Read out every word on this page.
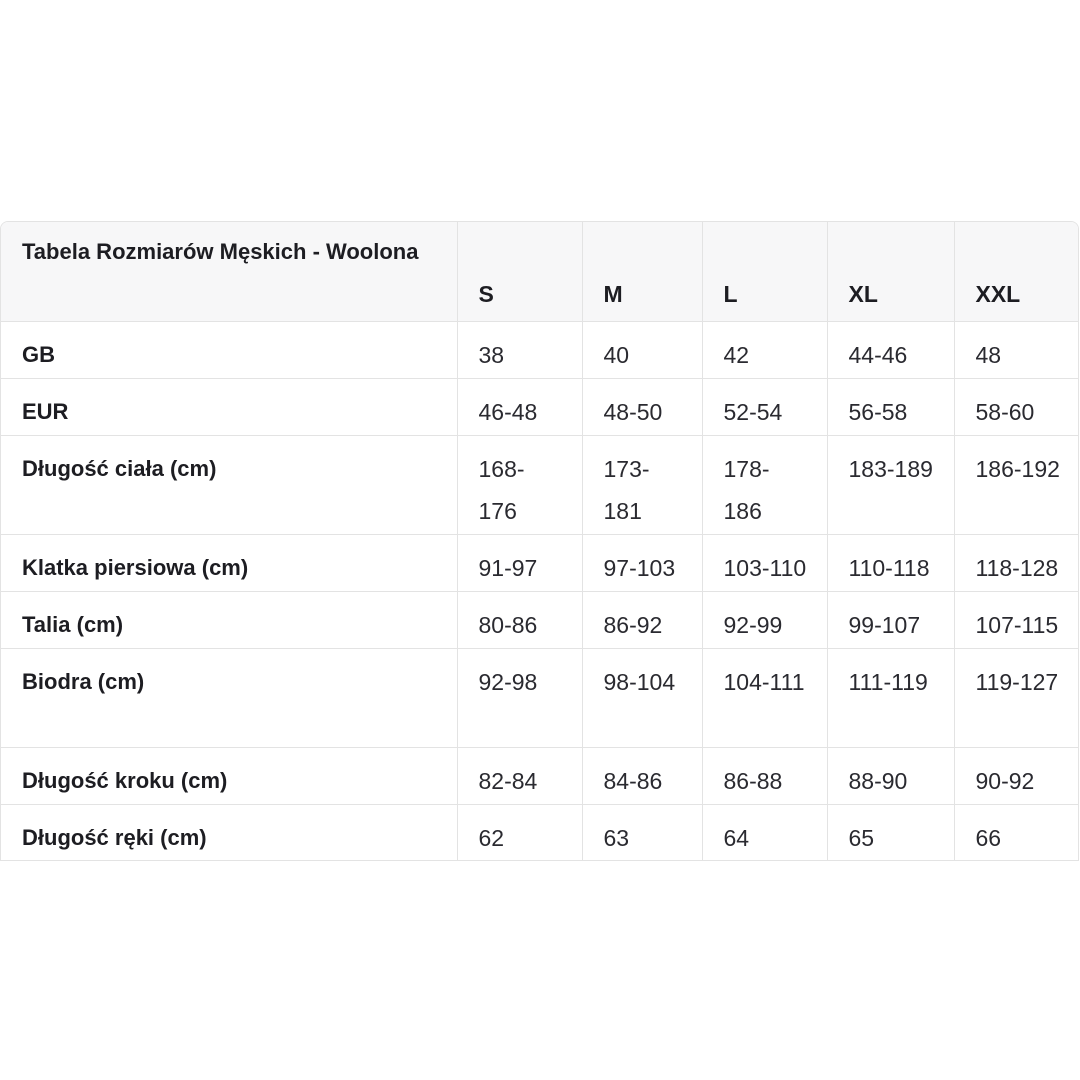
Tabela Rozmiarów Męskich - Woolona	S	M	L	XL	XXL
GB	38	40	42	44-46	48
EUR	46-48	48-50	52-54	56-58	58-60
Długość ciała (cm)	168-176	173-181	178-186	183-189	186-192
Klatka piersiowa (cm)	91-97	97-103	103-110	110-118	118-128
Talia (cm)	80-86	86-92	92-99	99-107	107-115
Biodra (cm)	92-98	98-104	104-111	111-119	119-127
Długość kroku (cm)	82-84	84-86	86-88	88-90	90-92
Długość ręki (cm)	62	63	64	65	66
